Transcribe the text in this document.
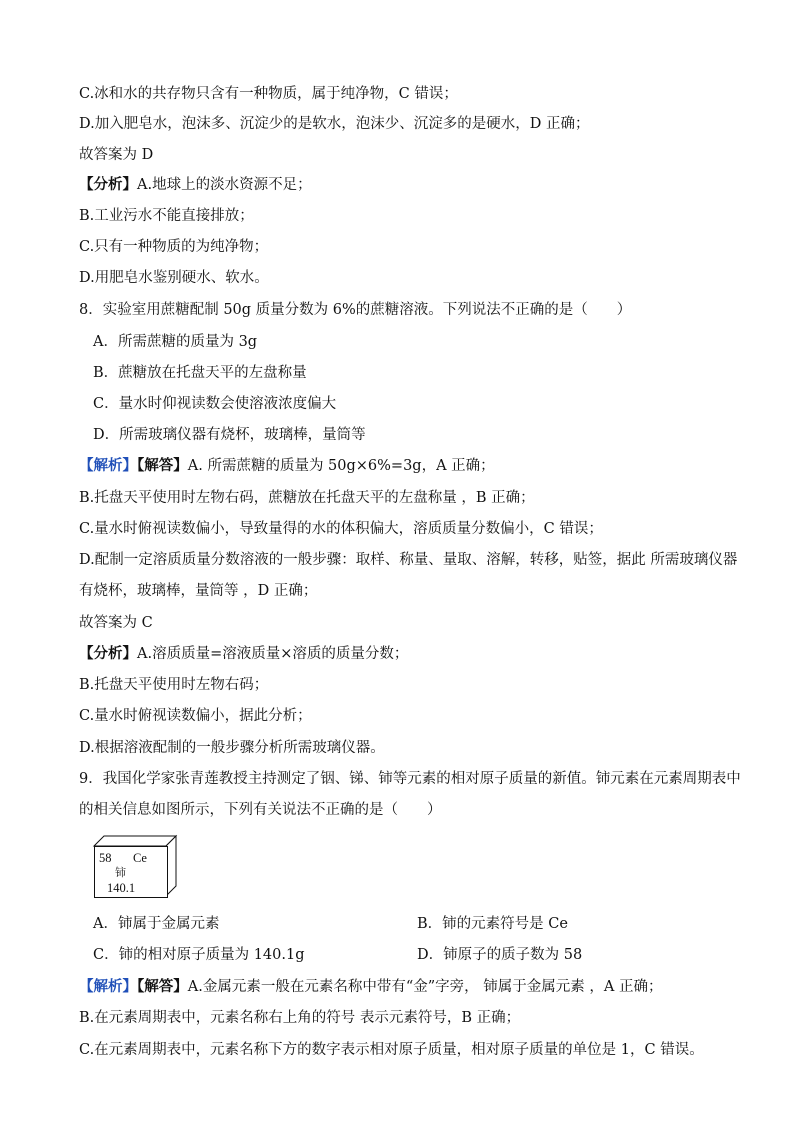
C.冰和水的共存物只含有一种物质，属于纯净物，C 错误；
D.加入肥皂水，泡沫多、沉淀少的是软水，泡沫少、沉淀多的是硬水，D 正确；
故答案为 D
【分析】A.地球上的淡水资源不足；
B.工业污水不能直接排放；
C.只有一种物质的为纯净物；
D.用肥皂水鉴别硬水、软水。
8．实验室用蔗糖配制 50g 质量分数为 6%的蔗糖溶液。下列说法不正确的是（　　）
A．所需蔗糖的质量为 3g
B．蔗糖放在托盘天平的左盘称量
C．量水时仰视读数会使溶液浓度偏大
D．所需玻璃仪器有烧杯，玻璃棒，量筒等
【解析】【解答】A. 所需蔗糖的质量为 50g×6%=3g，A 正确；
B.托盘天平使用时左物右码，蔗糖放在托盘天平的左盘称量 ，B 正确；
C.量水时俯视读数偏小，导致量得的水的体积偏大，溶质质量分数偏小，C 错误；
D.配制一定溶质质量分数溶液的一般步骤：取样、称量、量取、溶解，转移，贴签，据此 所需玻璃仪器
有烧杯，玻璃棒，量筒等 ，D 正确；
故答案为 C
【分析】A.溶质质量=溶液质量×溶质的质量分数；
B.托盘天平使用时左物右码；
C.量水时俯视读数偏小，据此分析；
D.根据溶液配制的一般步骤分析所需玻璃仪器。
9．我国化学家张青莲教授主持测定了铟、锑、铈等元素的相对原子质量的新值。铈元素在元素周期表中
的相关信息如图所示，下列有关说法不正确的是（　　）
58 Ce
铈
140.1
A．铈属于金属元素	B．铈的元素符号是 Ce
C．铈的相对原子质量为 140.1g	D．铈原子的质子数为 58
【解析】【解答】A.金属元素一般在元素名称中带有“金”字旁， 铈属于金属元素 ，A 正确；
B.在元素周期表中，元素名称右上角的符号 表示元素符号，B 正确；
C.在元素周期表中，元素名称下方的数字表示相对原子质量，相对原子质量的单位是 1，C 错误。
